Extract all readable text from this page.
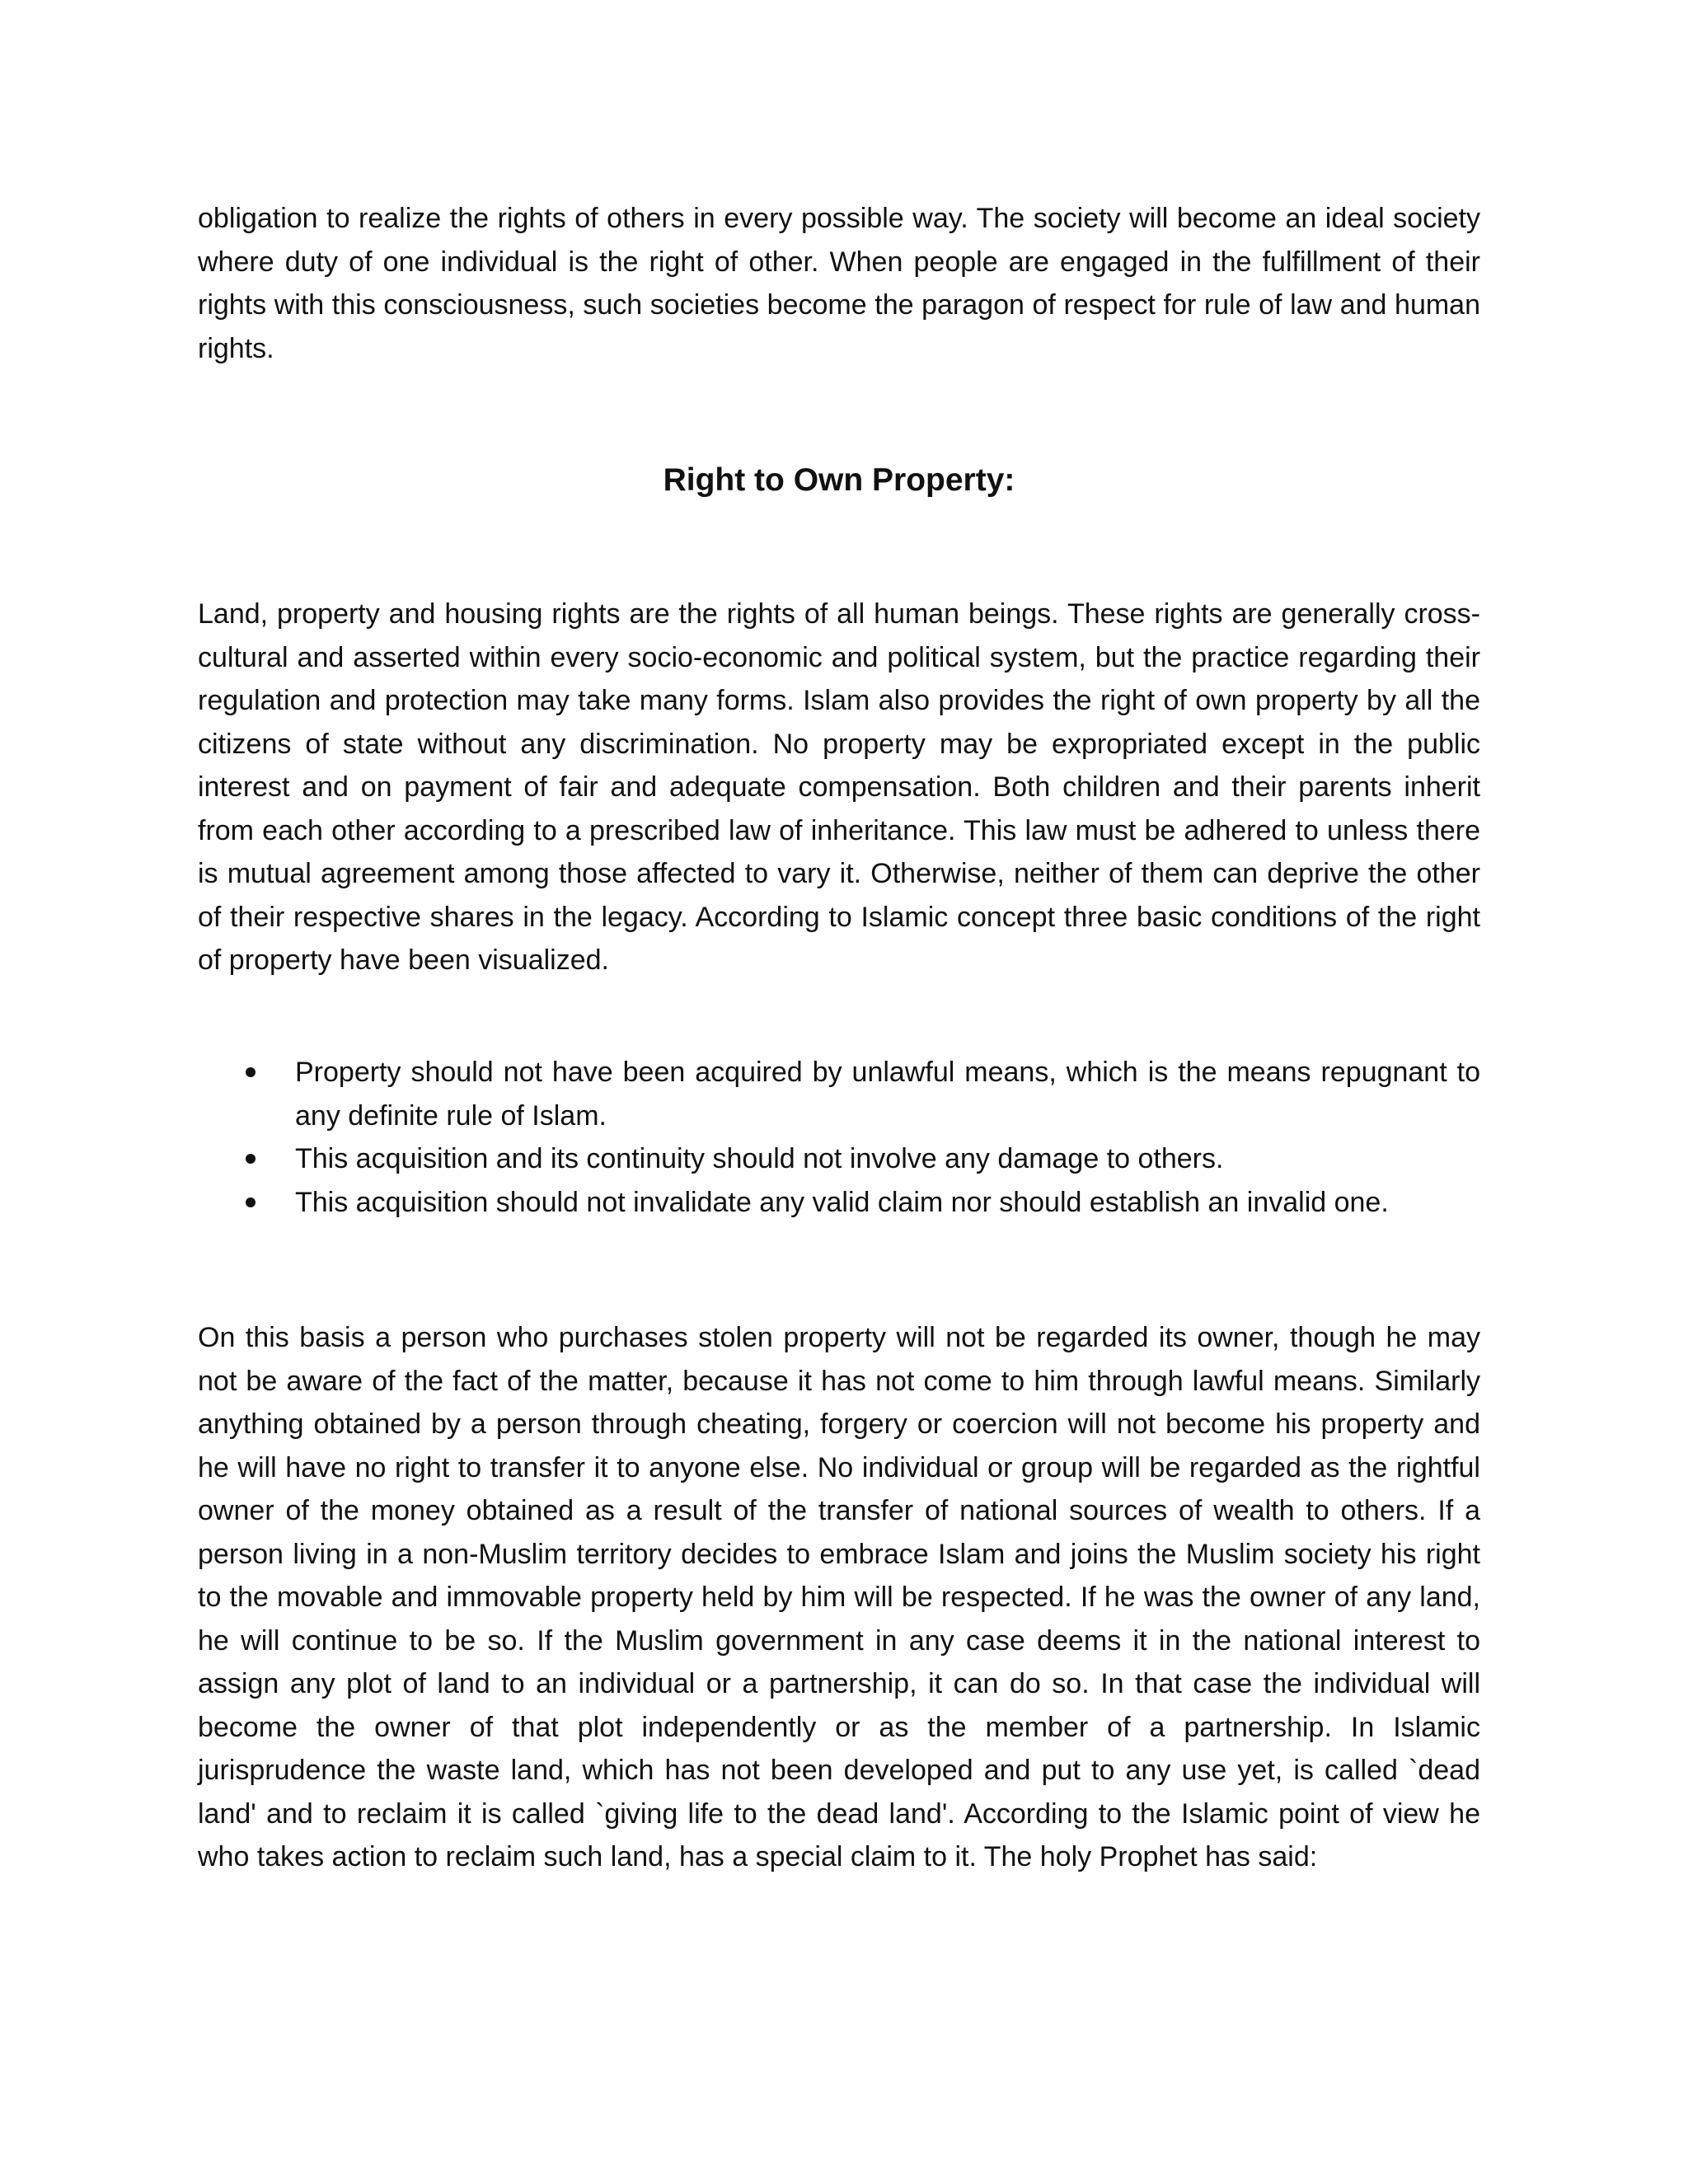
obligation to realize the rights of others in every possible way. The society will become an ideal society where duty of one individual is the right of other. When people are engaged in the fulfillment of their rights with this consciousness, such societies become the paragon of respect for rule of law and human rights.

Right to Own Property:

Land, property and housing rights are the rights of all human beings. These rights are generally cross-cultural and asserted within every socio-economic and political system, but the practice regarding their regulation and protection may take many forms. Islam also provides the right of own property by all the citizens of state without any discrimination. No property may be expropriated except in the public interest and on payment of fair and adequate compensation. Both children and their parents inherit from each other according to a prescribed law of inheritance. This law must be adhered to unless there is mutual agreement among those affected to vary it. Otherwise, neither of them can deprive the other of their respective shares in the legacy. According to Islamic concept three basic conditions of the right of property have been visualized.

Property should not have been acquired by unlawful means, which is the means repugnant to any definite rule of Islam.
This acquisition and its continuity should not involve any damage to others.
This acquisition should not invalidate any valid claim nor should establish an invalid one.

On this basis a person who purchases stolen property will not be regarded its owner, though he may not be aware of the fact of the matter, because it has not come to him through lawful means. Similarly anything obtained by a person through cheating, forgery or coercion will not become his property and he will have no right to transfer it to anyone else. No individual or group will be regarded as the rightful owner of the money obtained as a result of the transfer of national sources of wealth to others. If a person living in a non-Muslim territory decides to embrace Islam and joins the Muslim society his right to the movable and immovable property held by him will be respected. If he was the owner of any land, he will continue to be so. If the Muslim government in any case deems it in the national interest to assign any plot of land to an individual or a partnership, it can do so. In that case the individual will become the owner of that plot independently or as the member of a partnership. In Islamic jurisprudence the waste land, which has not been developed and put to any use yet, is called `dead land' and to reclaim it is called `giving life to the dead land'. According to the Islamic point of view he who takes action to reclaim such land, has a special claim to it. The holy Prophet has said:
